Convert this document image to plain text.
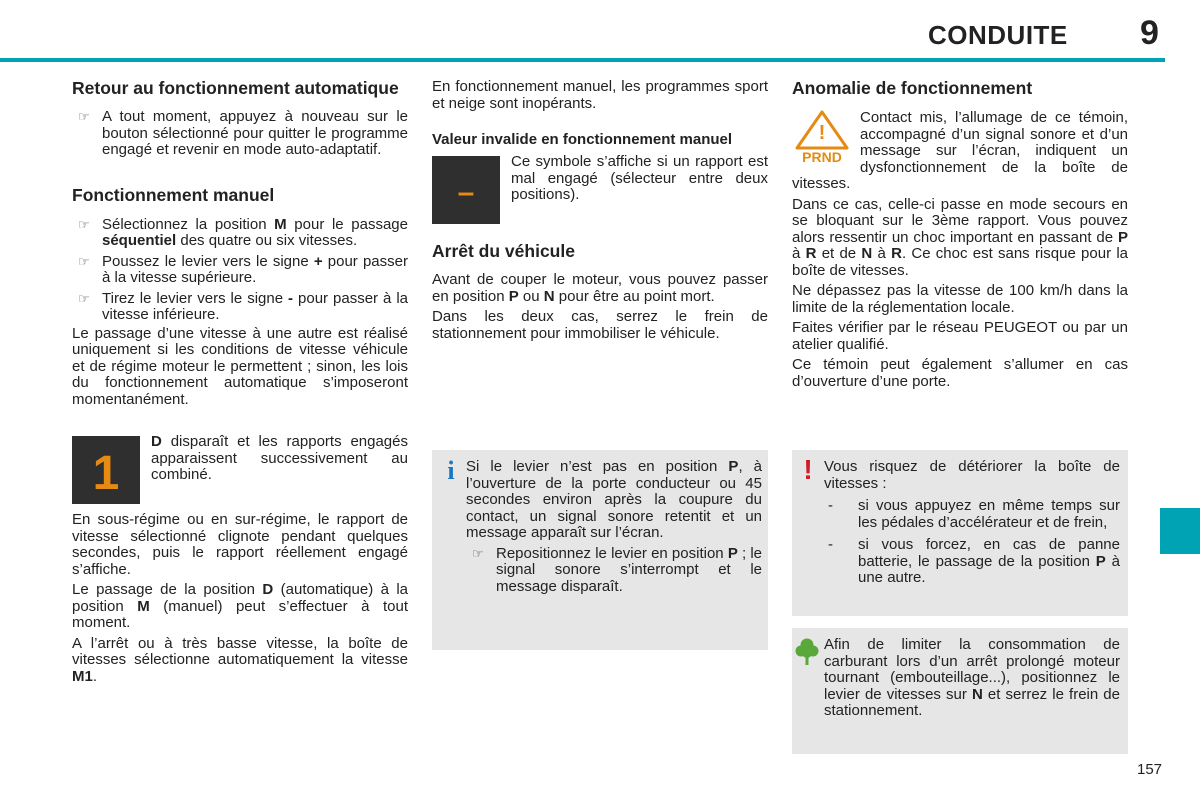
CONDUITE 9
Retour au fonctionnement automatique
☞ A tout moment, appuyez à nouveau sur le bouton sélectionné pour quitter le programme engagé et revenir en mode auto-adaptatif.
Fonctionnement manuel
☞ Sélectionnez la position M pour le passage séquentiel des quatre ou six vitesses.
☞ Poussez le levier vers le signe + pour passer à la vitesse supérieure.
☞ Tirez le levier vers le signe - pour passer à la vitesse inférieure.

Le passage d’une vitesse à une autre est réalisé uniquement si les conditions de vitesse véhicule et de régime moteur le permettent ; sinon, les lois du fonctionnement automatique s’imposeront momentanément.

1

D disparaît et les rapports engagés apparaissent successivement au combiné.

En sous-régime ou en sur-régime, le rapport de vitesse sélectionné clignote pendant quelques secondes, puis le rapport réellement engagé s’affiche.

Le passage de la position D (automatique) à la position M (manuel) peut s’effectuer à tout moment.

A l’arrêt ou à très basse vitesse, la boîte de vitesses sélectionne automatiquement la vitesse M1.

En fonctionnement manuel, les programmes sport et neige sont inopérants.

Valeur invalide en fonctionnement manuel
–

Ce symbole s’affiche si un rapport est mal engagé (sélecteur entre deux positions).

Arrêt du véhicule

Avant de couper le moteur, vous pouvez passer en position P ou N pour être au point mort.

Dans les deux cas, serrez le frein de stationnement pour immobiliser le véhicule.

i Si le levier n’est pas en position P, à l’ouverture de la porte conducteur ou 45 secondes environ après la coupure du contact, un signal sonore retentit et un message apparaît sur l’écran.

☞ Repositionnez le levier en position P ; le signal sonore s’interrompt et le message disparaît.
Anomalie de fonctionnement
!
PRND

Contact mis, l’allumage de ce témoin, accompagné d’un signal sonore et d’un message sur l’écran, indiquent un dysfonctionnement de la boîte de vitesses.

Dans ce cas, celle-ci passe en mode secours en se bloquant sur le 3ème rapport. Vous pouvez alors ressentir un choc important en passant de P à R et de N à R. Ce choc est sans risque pour la boîte de vitesses.

Ne dépassez pas la vitesse de 100 km/h dans la limite de la réglementation locale.

Faites vérifier par le réseau PEUGEOT ou par un atelier qualifié.

Ce témoin peut également s’allumer en cas d’ouverture d’une porte.

! Vous risquez de détériorer la boîte de vitesses :

- si vous appuyez en même temps sur les pédales d’accélérateur et de frein,
- si vous forcez, en cas de panne batterie, le passage de la position P à une autre.

Afin de limiter la consommation de carburant lors d’un arrêt prolongé moteur tournant (embouteillage...), positionnez le levier de vitesses sur N et serrez le frein de stationnement.

157
